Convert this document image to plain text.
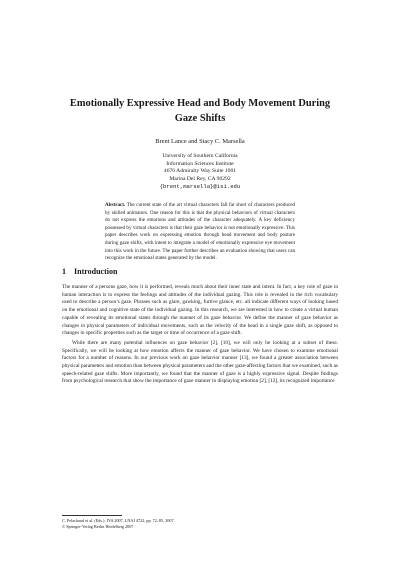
Emotionally Expressive Head and Body Movement During Gaze Shifts
Brent Lance and Stacy C. Marsella
University of Southern California
Information Sciences Institute
4676 Admiralty Way Suite 1001
Marina Del Rey, CA 90292
{brent,marsella}@isi.edu

Abstract. The current state of the art virtual characters fall far short of characters produced by skilled animators. One reason for this is that the physical behaviors of virtual characters do not express the emotions and attitudes of the character adequately. A key deficiency possessed by virtual characters is that their gaze behavior is not emotionally expressive. This paper describes work on expressing emotion through head movement and body posture during gaze shifts, with intent to integrate a model of emotionally expressive eye movement into this work in the future. The paper further describes an evaluation showing that users can recognize the emotional states generated by the model.

1 Introduction

The manner of a persons gaze, how it is performed, reveals much about their inner state and intent. In fact, a key role of gaze in human interaction is to express the feelings and attitudes of the individual gazing. This role is revealed in the rich vocabulary used to describe a person’s gaze. Phrases such as glare, gawking, furtive glance, etc. all indicate different ways of looking based on the emotional and cognitive state of the individual gazing. In this research, we are interested in how to create a virtual human capable of revealing its emotional states through the manner of its gaze behavior. We define the manner of gaze behavior as changes in physical parameters of individual movements, such as the velocity of the head in a single gaze shift, as opposed to changes in specific properties such as the target or time of occurrence of a gaze shift.

While there are many potential influences on gaze behavior [2], [10], we will only be looking at a subset of these. Specifically, we will be looking at how emotion affects the manner of gaze behavior. We have chosen to examine emotional factors for a number of reasons. In our previous work on gaze behavior manner [13], we found a greater association between physical parameters and emotion than between physical parameters and the other gaze-affecting factors that we examined, such as speech-related gaze shifts. More importantly, we found that the manner of gaze is a highly expressive signal. Despite findings from psychological research that show the importance of gaze manner in displaying emotion [2], [12], its recognized importance

C. Pelachaud et al. (Eds.): IVA 2007, LNAI 4722, pp. 72–85, 2007.
© Springer-Verlag Berlin Heidelberg 2007
